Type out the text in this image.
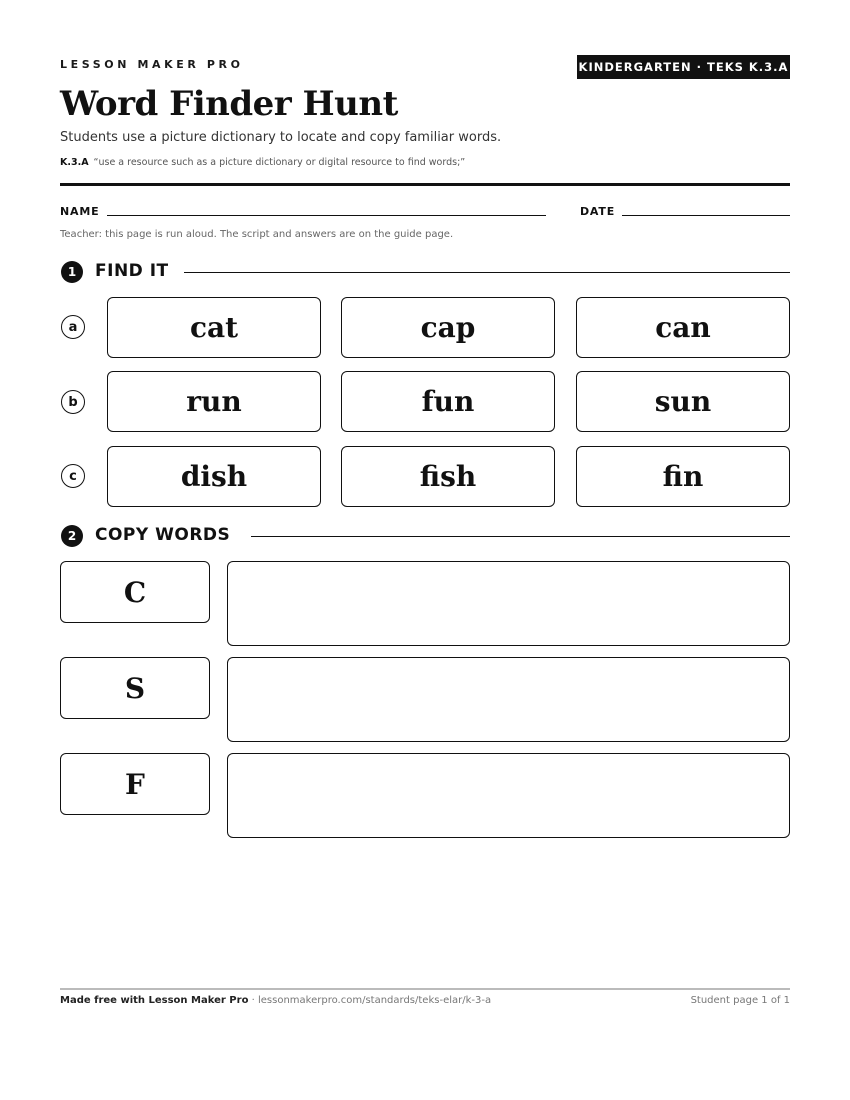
LESSON MAKER PRO	KINDERGARTEN · TEKS K.3.A
Word Finder Hunt
Students use a picture dictionary to locate and copy familiar words.
K.3.A “use a resource such as a picture dictionary or digital resource to find words;”
NAME	DATE
Teacher: this page is run aloud. The script and answers are on the guide page.
1	FIND IT
a	cat	cap	can
b	run	fun	sun
c	dish	fish	fin
2	COPY WORDS
C
S
F
Made free with Lesson Maker Pro · lessonmakerpro.com/standards/teks-elar/k-3-a	Student page 1 of 1
